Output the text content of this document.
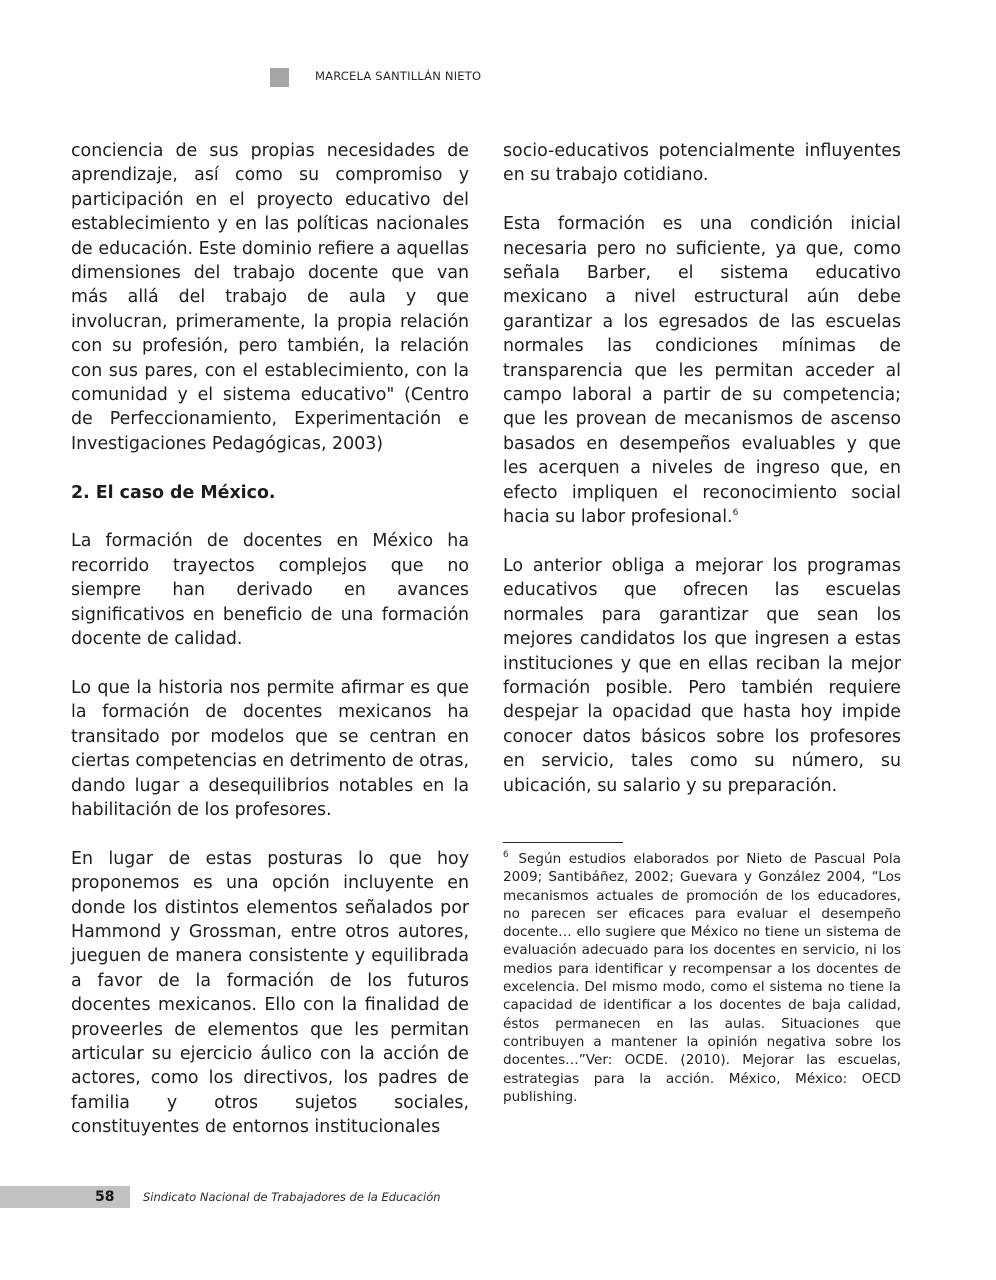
MARCELA SANTILLÁN NIETO

conciencia de sus propias necesidades de aprendizaje, así como su compromiso y participación en el proyecto educativo del establecimiento y en las políticas nacionales de educación. Este dominio refiere a aquellas dimensiones del trabajo docente que van más allá del trabajo de aula y que involucran, primeramente, la propia relación con su profesión, pero también, la relación con sus pares, con el establecimiento, con la comunidad y el sistema educativo" (Centro de Perfeccionamiento, Experimentación e Investigaciones Pedagógicas, 2003)

2. El caso de México.

La formación de docentes en México ha recorrido trayectos complejos que no siempre han derivado en avances significativos en beneficio de una formación docente de calidad.

Lo que la historia nos permite afirmar es que la formación de docentes mexicanos ha transitado por modelos que se centran en ciertas competencias en detrimento de otras, dando lugar a desequilibrios notables en la habilitación de los profesores.

En lugar de estas posturas lo que hoy proponemos es una opción incluyente en donde los distintos elementos señalados por Hammond y Grossman, entre otros autores, jueguen de manera consistente y equilibrada a favor de la formación de los futuros docentes mexicanos. Ello con la finalidad de proveerles de elementos que les permitan articular su ejercicio áulico con la acción de actores, como los directivos, los padres de familia y otros sujetos sociales, constituyentes de entornos institucionales

socio-educativos potencialmente influyentes en su trabajo cotidiano.

Esta formación es una condición inicial necesaria pero no suficiente, ya que, como señala Barber, el sistema educativo mexicano a nivel estructural aún debe garantizar a los egresados de las escuelas normales las condiciones mínimas de transparencia que les permitan acceder al campo laboral a partir de su competencia; que les provean de mecanismos de ascenso basados en desempeños evaluables y que les acerquen a niveles de ingreso que, en efecto impliquen el reconocimiento social hacia su labor profesional.$^6$

Lo anterior obliga a mejorar los programas educativos que ofrecen las escuelas normales para garantizar que sean los mejores candidatos los que ingresen a estas instituciones y que en ellas reciban la mejor formación posible. Pero también requiere despejar la opacidad que hasta hoy impide conocer datos básicos sobre los profesores en servicio, tales como su número, su ubicación, su salario y su preparación.

$^6$ Según estudios elaborados por Nieto de Pascual Pola 2009; Santibáñez, 2002; Guevara y González 2004, “Los mecanismos actuales de promoción de los educadores, no parecen ser eficaces para evaluar el desempeño docente… ello sugiere que México no tiene un sistema de evaluación adecuado para los docentes en servicio, ni los medios para identificar y recompensar a los docentes de excelencia. Del mismo modo, como el sistema no tiene la capacidad de identificar a los docentes de baja calidad, éstos permanecen en las aulas. Situaciones que contribuyen a mantener la opinión negativa sobre los docentes…”Ver: OCDE. (2010). Mejorar las escuelas, estrategias para la acción. México, México: OECD publishing.
58 Sindicato Nacional de Trabajadores de la Educación
